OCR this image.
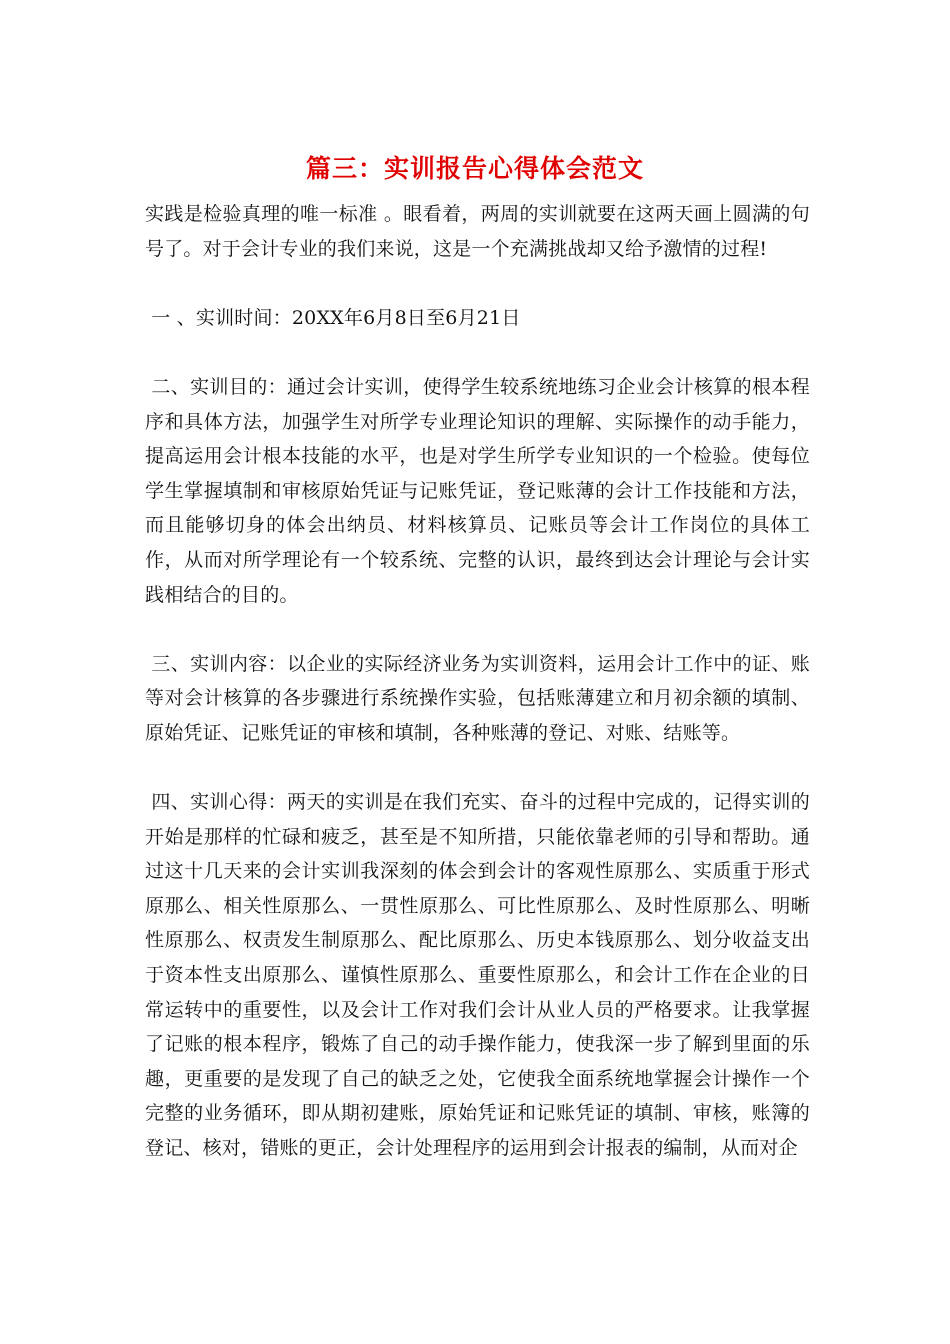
篇三：实训报告心得体会范文

实践是检验真理的唯一标准 。眼看着，两周的实训就要在这两天画上圆满的句号了。对于会计专业的我们来说，这是一个充满挑战却又给予激情的过程!

一 、实训时间：20XX年6月8日至6月21日

二、实训目的：通过会计实训，使得学生较系统地练习企业会计核算的根本程序和具体方法，加强学生对所学专业理论知识的理解、实际操作的动手能力，提高运用会计根本技能的水平，也是对学生所学专业知识的一个检验。使每位学生掌握填制和审核原始凭证与记账凭证，登记账薄的会计工作技能和方法，而且能够切身的体会出纳员、材料核算员、记账员等会计工作岗位的具体工作，从而对所学理论有一个较系统、完整的认识，最终到达会计理论与会计实践相结合的目的。

三、实训内容：以企业的实际经济业务为实训资料，运用会计工作中的证、账等对会计核算的各步骤进行系统操作实验，包括账薄建立和月初余额的填制、原始凭证、记账凭证的审核和填制，各种账薄的登记、对账、结账等。

四、实训心得：两天的实训是在我们充实、奋斗的过程中完成的，记得实训的开始是那样的忙碌和疲乏，甚至是不知所措，只能依靠老师的引导和帮助。通过这十几天来的会计实训我深刻的体会到会计的客观性原那么、实质重于形式原那么、相关性原那么、一贯性原那么、可比性原那么、及时性原那么、明晰性原那么、权责发生制原那么、配比原那么、历史本钱原那么、划分收益支出于资本性支出原那么、谨慎性原那么、重要性原那么，和会计工作在企业的日常运转中的重要性，以及会计工作对我们会计从业人员的严格要求。让我掌握了记账的根本程序，锻炼了自己的动手操作能力，使我深一步了解到里面的乐趣，更重要的是发现了自己的缺乏之处，它使我全面系统地掌握会计操作一个完整的业务循环，即从期初建账，原始凭证和记账凭证的填制、审核，账簿的登记、核对，错账的更正，会计处理程序的运用到会计报表的编制，从而对企
